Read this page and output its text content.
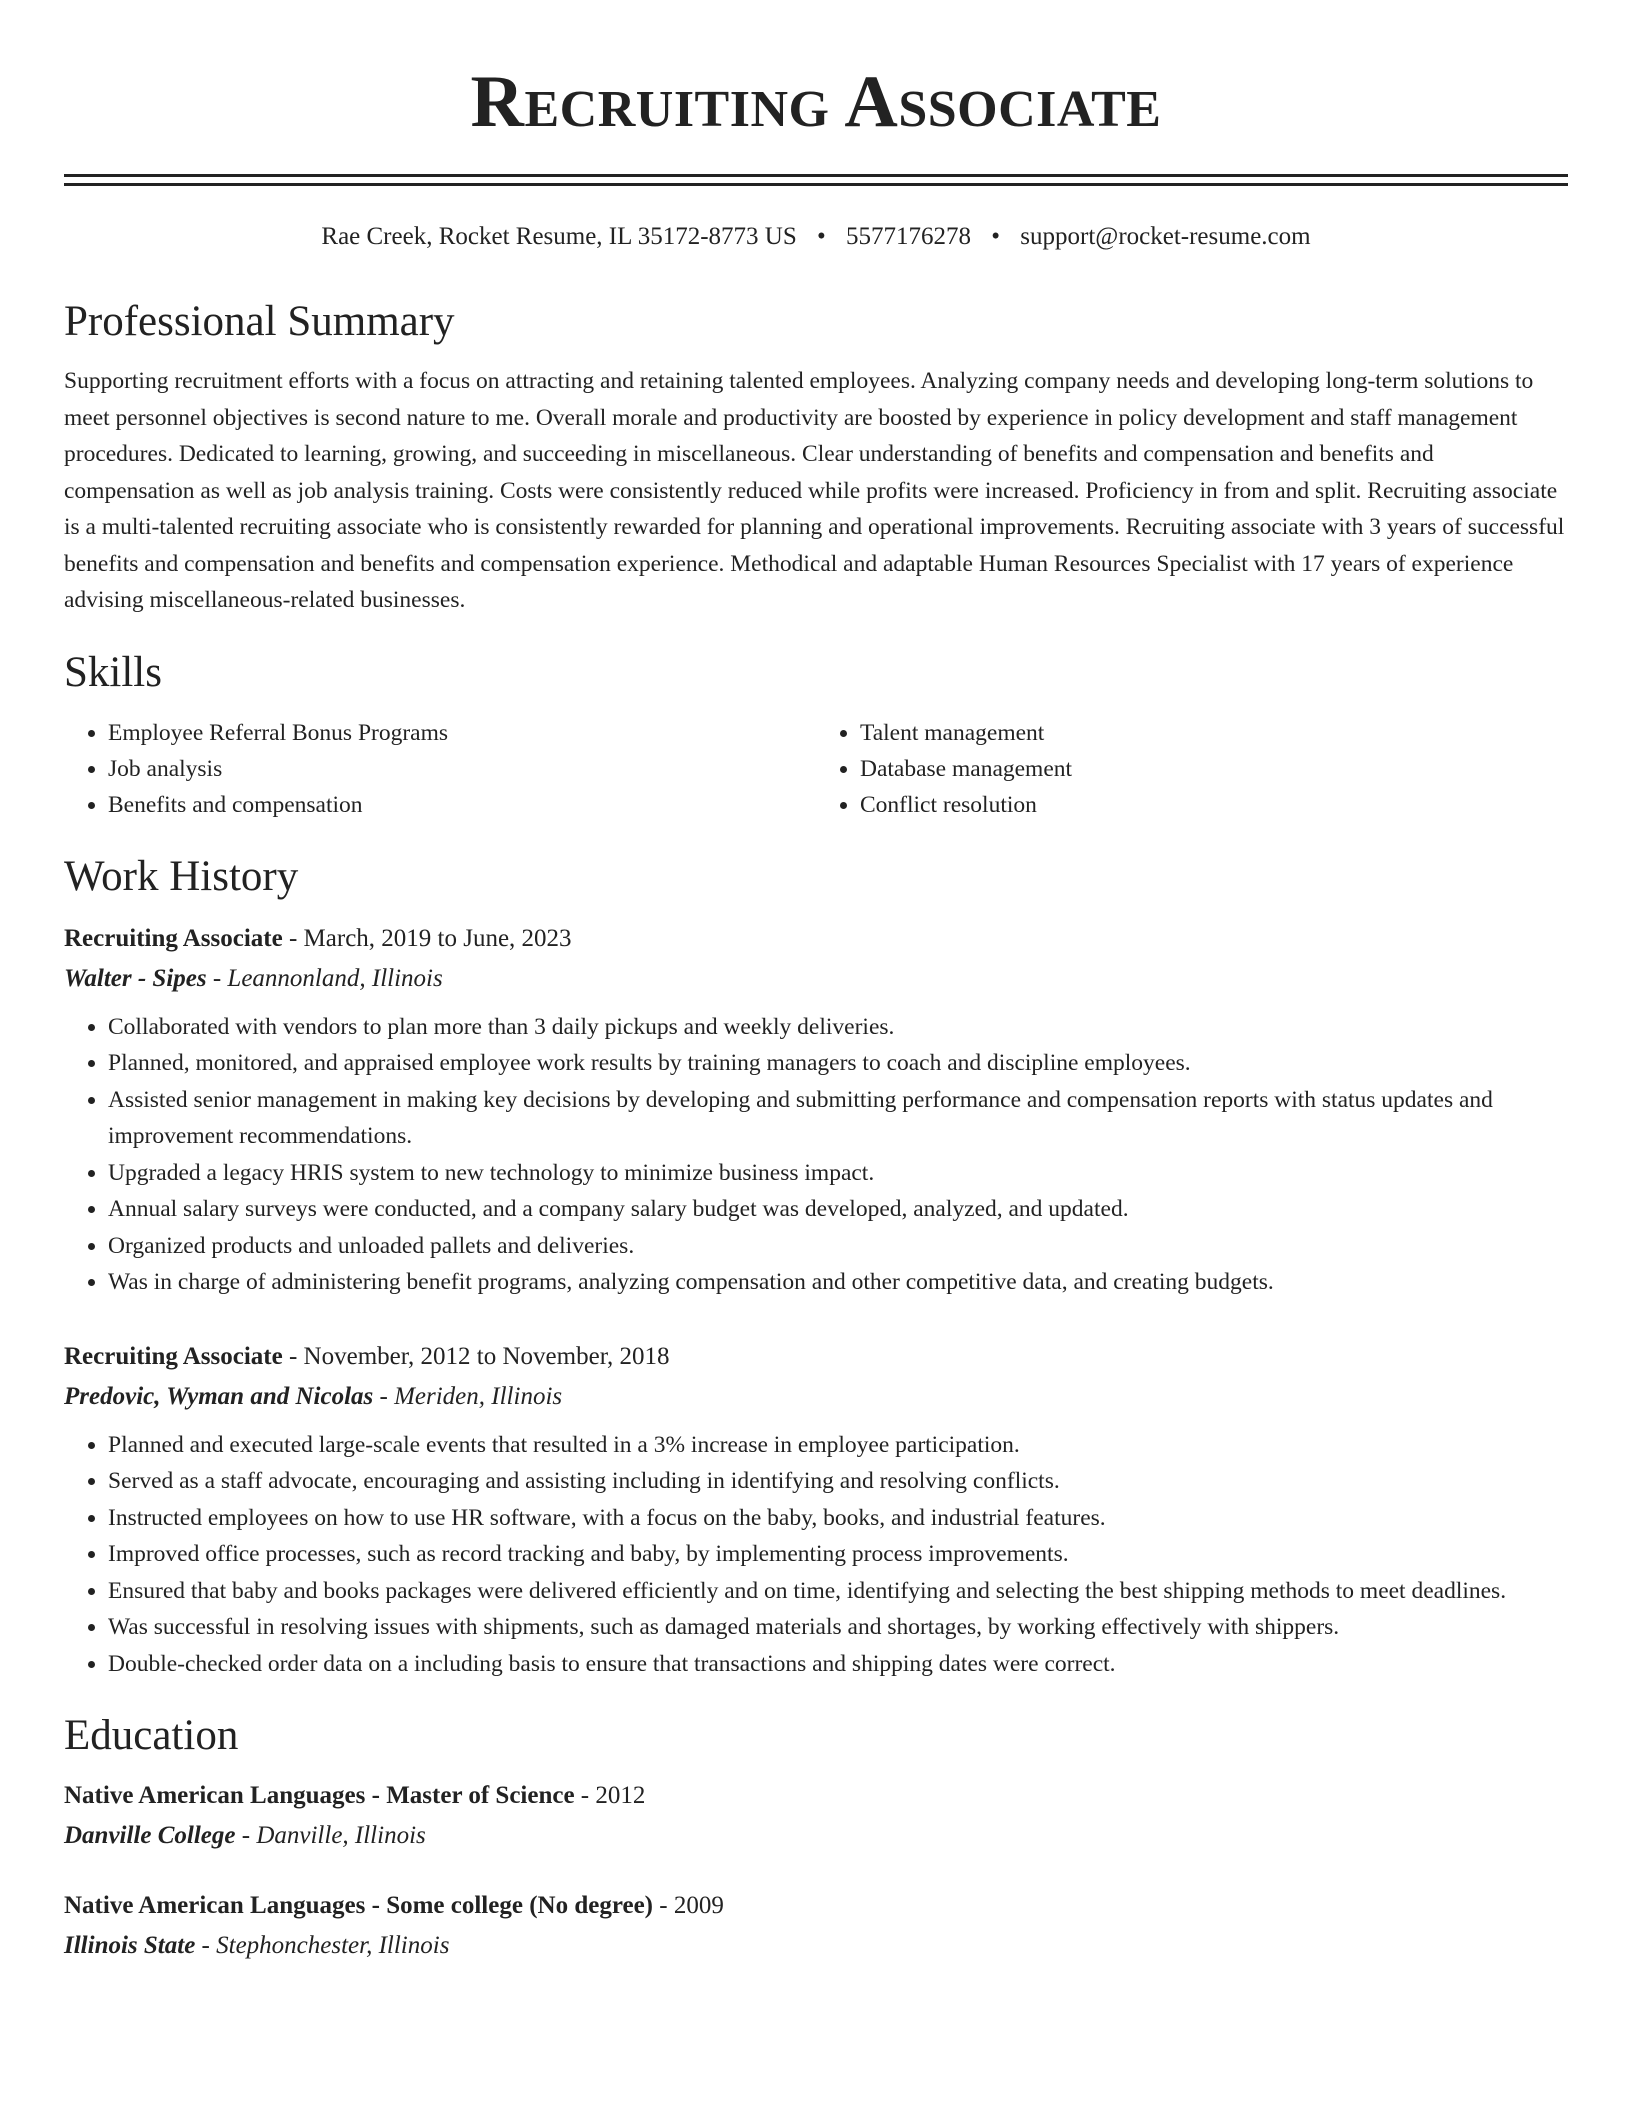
Recruiting Associate
Rae Creek, Rocket Resume, IL 35172-8773 US • 5577176278 • support@rocket-resume.com
Professional Summary

Supporting recruitment efforts with a focus on attracting and retaining talented employees. Analyzing company needs and developing long-term solutions to meet personnel objectives is second nature to me. Overall morale and productivity are boosted by experience in policy development and staff management procedures. Dedicated to learning, growing, and succeeding in miscellaneous. Clear understanding of benefits and compensation and benefits and compensation as well as job analysis training. Costs were consistently reduced while profits were increased. Proficiency in from and split. Recruiting associate is a multi-talented recruiting associate who is consistently rewarded for planning and operational improvements. Recruiting associate with 3 years of successful benefits and compensation and benefits and compensation experience. Methodical and adaptable Human Resources Specialist with 17 years of experience advising miscellaneous-related businesses.

Skills
• Employee Referral Bonus Programs
• Job analysis
• Benefits and compensation
• Talent management
• Database management
• Conflict resolution
Work History
Recruiting Associate - March, 2019 to June, 2023
Walter - Sipes - Leannonland, Illinois
• Collaborated with vendors to plan more than 3 daily pickups and weekly deliveries.
• Planned, monitored, and appraised employee work results by training managers to coach and discipline employees.
• Assisted senior management in making key decisions by developing and submitting performance and compensation reports with status updates and improvement recommendations.
• Upgraded a legacy HRIS system to new technology to minimize business impact.
• Annual salary surveys were conducted, and a company salary budget was developed, analyzed, and updated.
• Organized products and unloaded pallets and deliveries.
• Was in charge of administering benefit programs, analyzing compensation and other competitive data, and creating budgets.
Recruiting Associate - November, 2012 to November, 2018
Predovic, Wyman and Nicolas - Meriden, Illinois
• Planned and executed large-scale events that resulted in a 3% increase in employee participation.
• Served as a staff advocate, encouraging and assisting including in identifying and resolving conflicts.
• Instructed employees on how to use HR software, with a focus on the baby, books, and industrial features.
• Improved office processes, such as record tracking and baby, by implementing process improvements.
• Ensured that baby and books packages were delivered efficiently and on time, identifying and selecting the best shipping methods to meet deadlines.
• Was successful in resolving issues with shipments, such as damaged materials and shortages, by working effectively with shippers.
• Double-checked order data on a including basis to ensure that transactions and shipping dates were correct.
Education
Native American Languages - Master of Science - 2012
Danville College - Danville, Illinois
Native American Languages - Some college (No degree) - 2009
Illinois State - Stephonchester, Illinois
